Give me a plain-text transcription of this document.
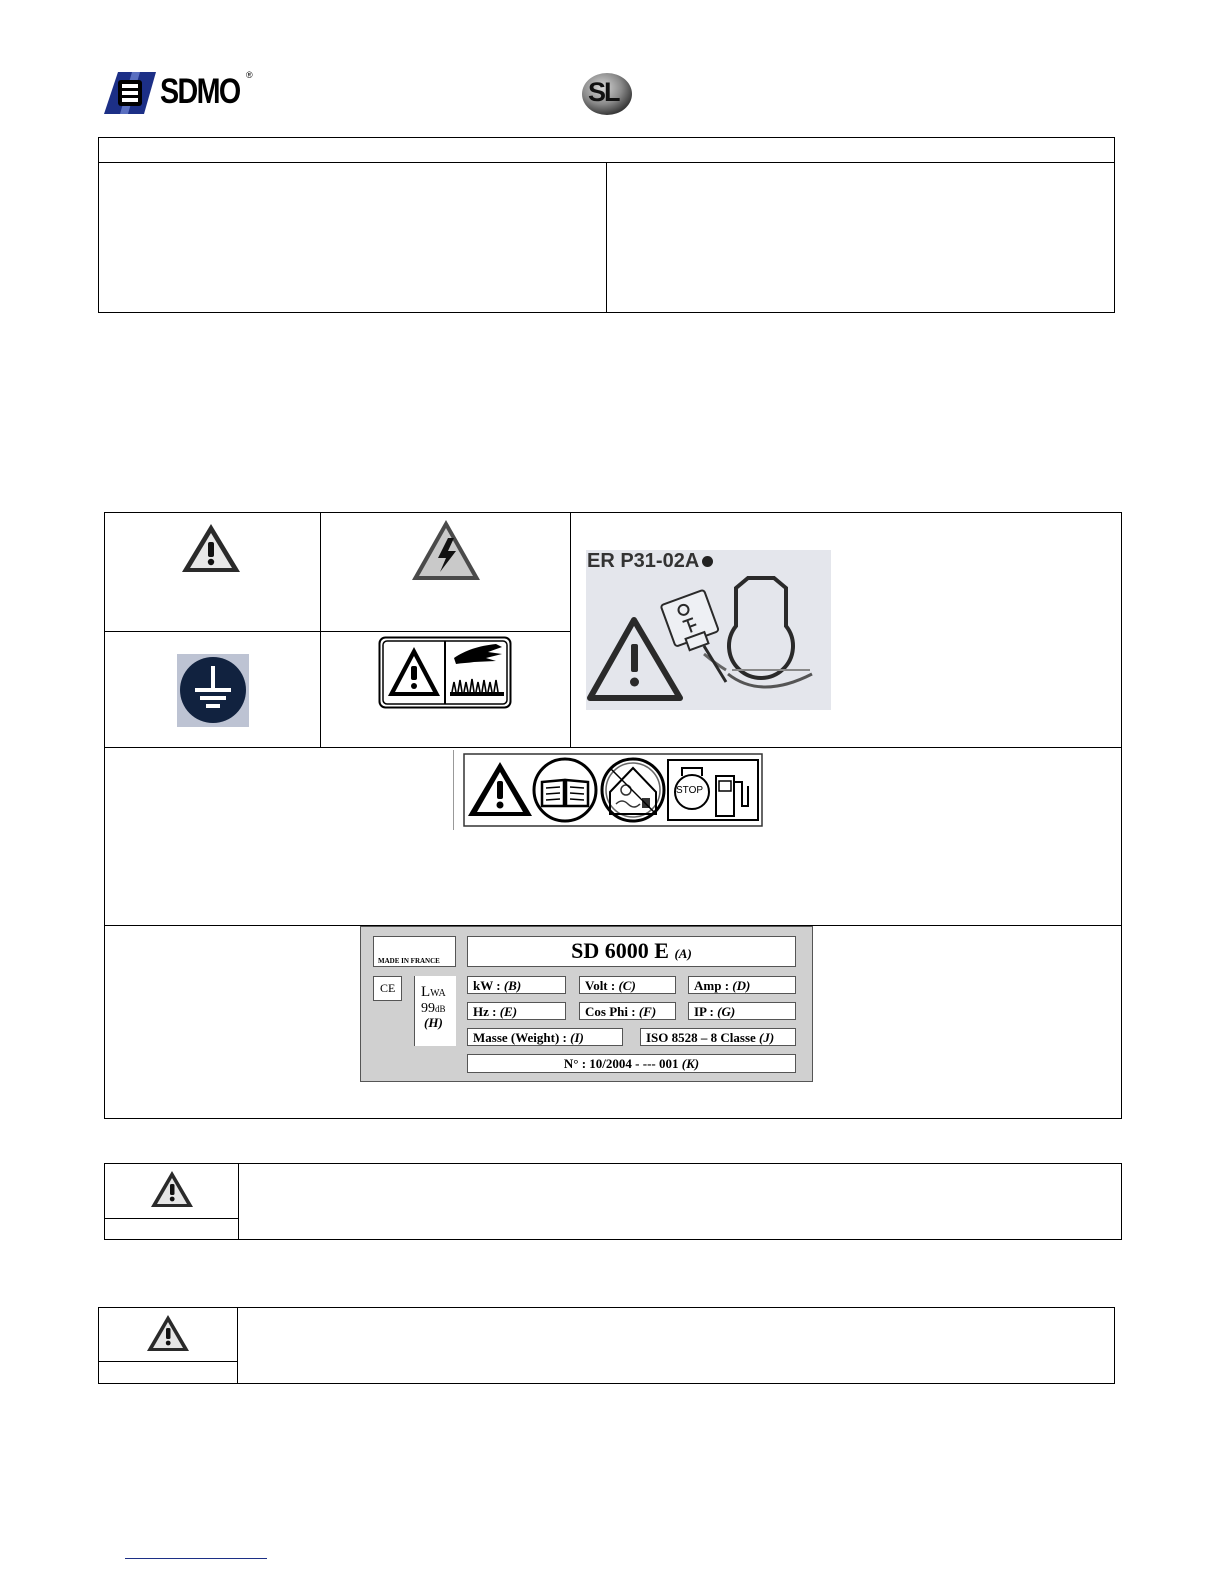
SDMO ®
SL
ER P31-02A
STOP
MADE IN FRANCE	SD 6000 E (A)
CE	LWA
99dB
(H)
kW : (B)	Volt : (C)	Amp : (D)
Hz : (E)	Cos Phi : (F)	IP : (G)
Masse (Weight) : (I)	ISO 8528 – 8 Classe (J)
N° : 10/2004 - --- 001 (K)
